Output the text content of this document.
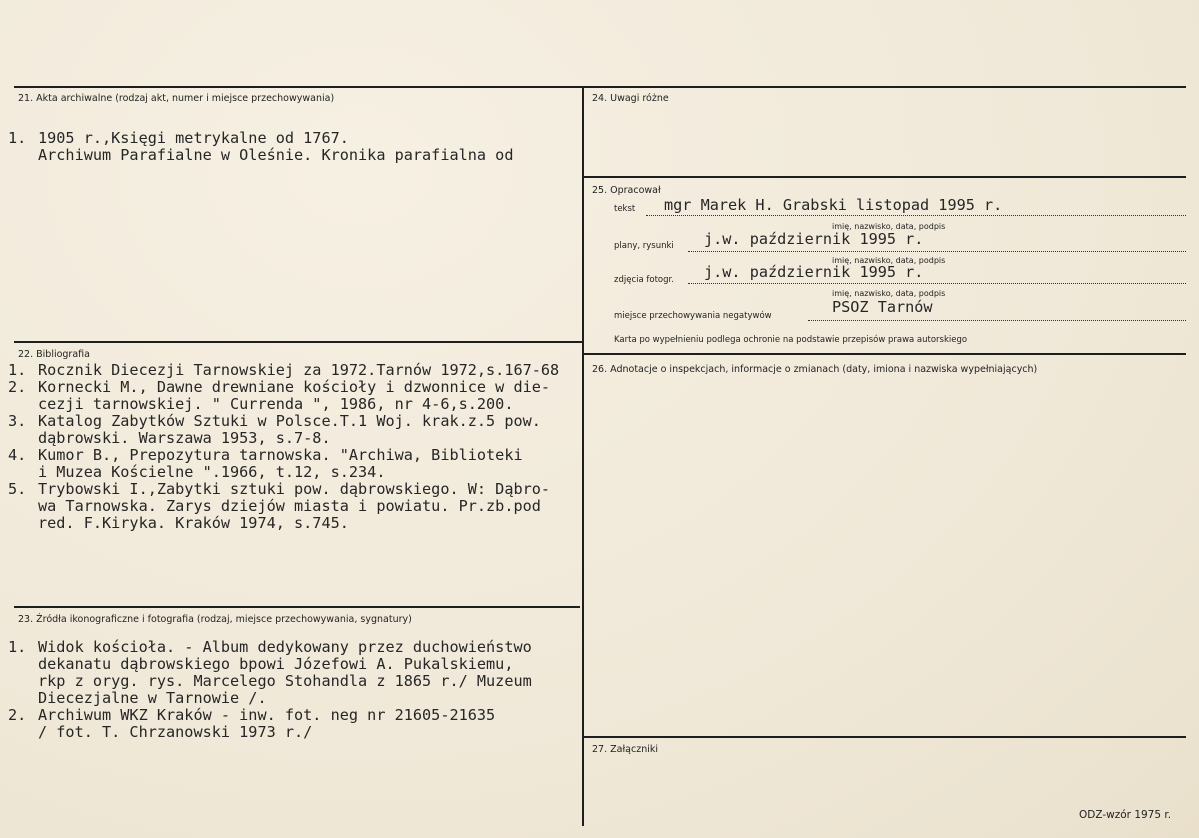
21. Akta archiwalne (rodzaj akt, numer i miejsce przechowywania)

1.

Archiwum Parafialne w Oleśnie. Kronika parafialna od

1905 r.,Księgi metrykalne od 1767.

22. Bibliografia

1.

Rocznik Diecezji Tarnowskiej za 1972.Tarnów 1972,s.167-68

2.

Kornecki M., Dawne drewniane kościoły i dzwonnice w die-

cezji tarnowskiej. " Currenda ", 1986, nr 4-6,s.200.

3.

Katalog Zabytków Sztuki w Polsce.T.1 Woj. krak.z.5 pow.

dąbrowski. Warszawa 1953, s.7-8.

4.

Kumor B., Prepozytura tarnowska. "Archiwa, Biblioteki

i Muzea Kościelne ".1966, t.12, s.234.

5.

Trybowski I.,Zabytki sztuki pow. dąbrowskiego. W: Dąbro-

wa Tarnowska. Zarys dziejów miasta i powiatu. Pr.zb.pod

red. F.Kiryka. Kraków 1974, s.745.

23. Źródła ikonograficzne i fotografia (rodzaj, miejsce przechowywania, sygnatury)

1.

Widok kościoła. - Album dedykowany przez duchowieństwo

dekanatu dąbrowskiego bpowi Józefowi A. Pukalskiemu,

rkp z oryg. rys. Marcelego Stohandla z 1865 r./ Muzeum

Diecezjalne w Tarnowie /.

2.

Archiwum WKZ Kraków - inw. fot. neg nr 21605-21635

/ fot. T. Chrzanowski 1973 r./

24. Uwagi różne
25. Opracował
tekst mgr Marek H. Grabski listopad 1995 r.
imię, nazwisko, data, podpis
plany, rysunki j.w. październik 1995 r.
imię, nazwisko, data, podpis
zdjęcia fotogr. j.w. październik 1995 r.
imię, nazwisko, data, podpis
miejsce przechowywania negatywów	PSOZ Tarnów
Karta po wypełnieniu podlega ochronie na podstawie przepisów prawa autorskiego
26. Adnotacje o inspekcjach, informacje o zmianach (daty, imiona i nazwiska wypełniających)
27. Załączniki
ODZ-wzór 1975 r.
